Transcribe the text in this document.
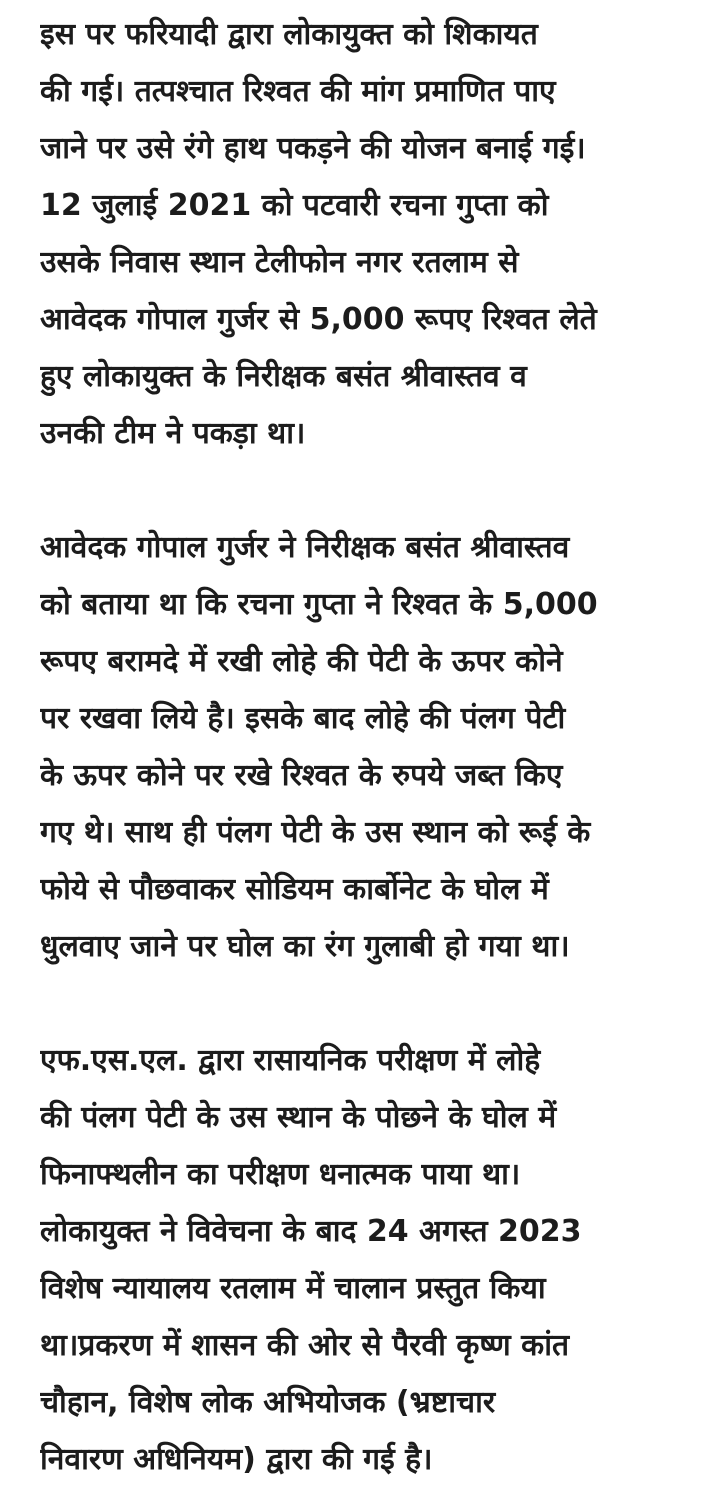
इस पर फरियादी द्वारा लोकायुक्त को शिकायत
की गई। तत्पश्चात रिश्वत की मांग प्रमाणित पाए
जाने पर उसे रंगे हाथ पकड़ने की योजन बनाई गई।
12 जुलाई 2021 को पटवारी रचना गुप्ता को
उसके निवास स्थान टेलीफोन नगर रतलाम से
आवेदक गोपाल गुर्जर से 5,000 रूपए रिश्वत लेते
हुए लोकायुक्त के निरीक्षक बसंत श्रीवास्तव व
उनकी टीम ने पकड़ा था।

आवेदक गोपाल गुर्जर ने निरीक्षक बसंत श्रीवास्तव
को बताया था कि रचना गुप्ता ने रिश्वत के 5,000
रूपए बरामदे में रखी लोहे की पेटी के ऊपर कोने
पर रखवा लिये है। इसके बाद लोहे की पंलग पेटी
के ऊपर कोने पर रखे रिश्वत के रुपये जब्त किए
गए थे। साथ ही पंलग पेटी के उस स्थान को रूई के
फोये से पौछवाकर सोडियम कार्बोनेट के घोल में
धुलवाए जाने पर घोल का रंग गुलाबी हो गया था।

एफ.एस.एल. द्वारा रासायनिक परीक्षण में लोहे
की पंलग पेटी के उस स्थान के पोछने के घोल में
फिनाफ्थलीन का परीक्षण धनात्मक पाया था।
लोकायुक्त ने विवेचना के बाद 24 अगस्त 2023
विशेष न्यायालय रतलाम में चालान प्रस्तुत किया
था।प्रकरण में शासन की ओर से पैरवी कृष्ण कांत
चौहान, विशेष लोक अभियोजक (भ्रष्टाचार
निवारण अधिनियम) द्वारा की गई है।
